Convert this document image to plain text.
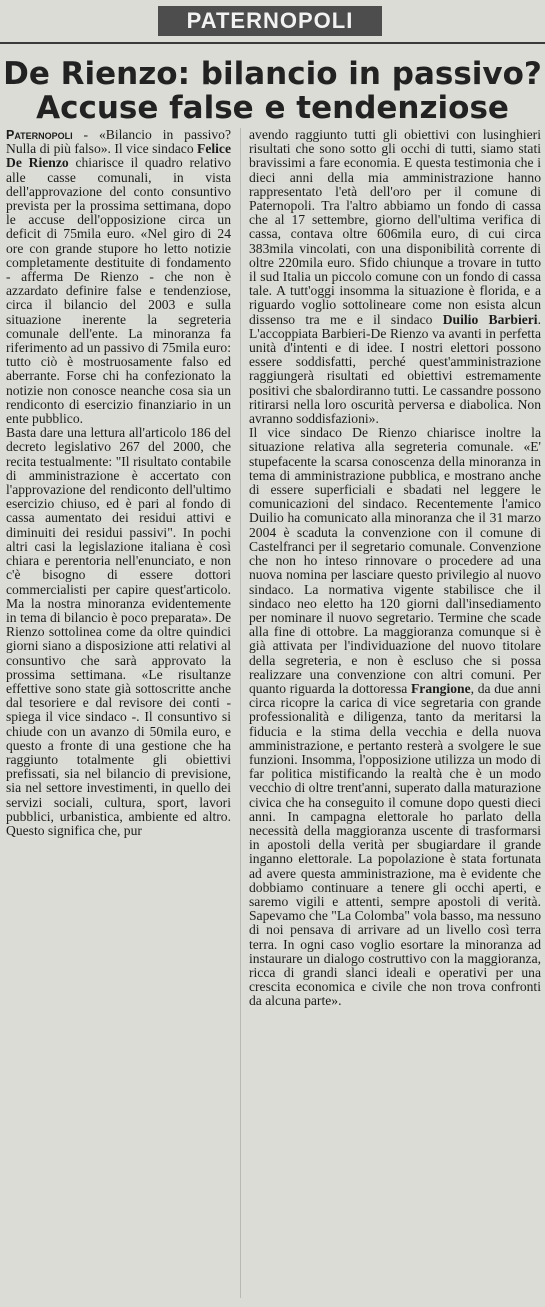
PATERNOPOLI
De Rienzo: bilancio in passivo?
Accuse false e tendenziose

Paternopoli - «Bilancio in passivo? Nulla di più falso». Il vice sindaco Felice De Rienzo chiarisce il quadro relativo alle casse comunali, in vista dell'approvazione del conto consuntivo prevista per la prossima settimana, dopo le accuse dell'opposizione circa un deficit di 75mila euro. «Nel giro di 24 ore con grande stupore ho letto notizie completamente destituite di fondamento - afferma De Rienzo - che non è azzardato definire false e tendenziose, circa il bilancio del 2003 e sulla situazione inerente la segreteria comunale dell'ente. La minoranza fa riferimento ad un passivo di 75mila euro: tutto ciò è mostruosamente falso ed aberrante. Forse chi ha confezionato la notizie non conosce neanche cosa sia un rendiconto di esercizio finanziario in un ente pubblico.

Basta dare una lettura all'articolo 186 del decreto legislativo 267 del 2000, che recita testualmente: "Il risultato contabile di amministrazione è accertato con l'approvazione del rendiconto dell'ultimo esercizio chiuso, ed è pari al fondo di cassa aumentato dei residui attivi e diminuiti dei residui passivi". In pochi altri casi la legislazione italiana è così chiara e perentoria nell'enunciato, e non c'è bisogno di essere dottori commercialisti per capire quest'articolo. Ma la nostra minoranza evidentemente in tema di bilancio è poco preparata». De Rienzo sottolinea come da oltre quindici giorni siano a disposizione atti relativi al consuntivo che sarà approvato la prossima settimana. «Le risultanze effettive sono state già sottoscritte anche dal tesoriere e dal revisore dei conti - spiega il vice sindaco -. Il consuntivo si chiude con un avanzo di 50mila euro, e questo a fronte di una gestione che ha raggiunto totalmente gli obiettivi prefissati, sia nel bilancio di previsione, sia nel settore investimenti, in quello dei servizi sociali, cultura, sport, lavori pubblici, urbanistica, ambiente ed altro. Questo significa che, pur

avendo raggiunto tutti gli obiettivi con lusinghieri risultati che sono sotto gli occhi di tutti, siamo stati bravissimi a fare economia. E questa testimonia che i dieci anni della mia amministrazione hanno rappresentato l'età dell'oro per il comune di Paternopoli. Tra l'altro abbiamo un fondo di cassa che al 17 settembre, giorno dell'ultima verifica di cassa, contava oltre 606mila euro, di cui circa 383mila vincolati, con una disponibilità corrente di oltre 220mila euro. Sfido chiunque a trovare in tutto il sud Italia un piccolo comune con un fondo di cassa tale. A tutt'oggi insomma la situazione è florida, e a riguardo voglio sottolineare come non esista alcun dissenso tra me e il sindaco Duilio Barbieri. L'accoppiata Barbieri-De Rienzo va avanti in perfetta unità d'intenti e di idee. I nostri elettori possono essere soddisfatti, perché quest'amministrazione raggiungerà risultati ed obiettivi estremamente positivi che sbalordiranno tutti. Le cassandre possono ritirarsi nella loro oscurità perversa e diabolica. Non avranno soddisfazioni».

Il vice sindaco De Rienzo chiarisce inoltre la situazione relativa alla segreteria comunale. «E' stupefacente la scarsa conoscenza della minoranza in tema di amministrazione pubblica, e mostrano anche di essere superficiali e sbadati nel leggere le comunicazioni del sindaco. Recentemente l'amico Duilio ha comunicato alla minoranza che il 31 marzo 2004 è scaduta la convenzione con il comune di Castelfranci per il segretario comunale. Convenzione che non ho inteso rinnovare o procedere ad una nuova nomina per lasciare questo privilegio al nuovo sindaco. La normativa vigente stabilisce che il sindaco neo eletto ha 120 giorni dall'insediamento per nominare il nuovo segretario. Termine che scade alla fine di ottobre. La maggioranza comunque si è già attivata per l'individuazione del nuovo titolare della segreteria, e non è escluso che si possa realizzare una convenzione con altri comuni. Per quanto riguarda la dottoressa Frangione, da due anni circa ricopre la carica di vice segretaria con grande professionalità e diligenza, tanto da meritarsi la fiducia e la stima della vecchia e della nuova amministrazione, e pertanto resterà a svolgere le sue funzioni. Insomma, l'opposizione utilizza un modo di far politica mistificando la realtà che è un modo vecchio di oltre trent'anni, superato dalla maturazione civica che ha conseguito il comune dopo questi dieci anni. In campagna elettorale ho parlato della necessità della maggioranza uscente di trasformarsi in apostoli della verità per sbugiardare il grande inganno elettorale. La popolazione è stata fortunata ad avere questa amministrazione, ma è evidente che dobbiamo continuare a tenere gli occhi aperti, e saremo vigili e attenti, sempre apostoli di verità. Sapevamo che "La Colomba" vola basso, ma nessuno di noi pensava di arrivare ad un livello così terra terra. In ogni caso voglio esortare la minoranza ad instaurare un dialogo costruttivo con la maggioranza, ricca di grandi slanci ideali e operativi per una crescita economica e civile che non trova confronti da alcuna parte».
